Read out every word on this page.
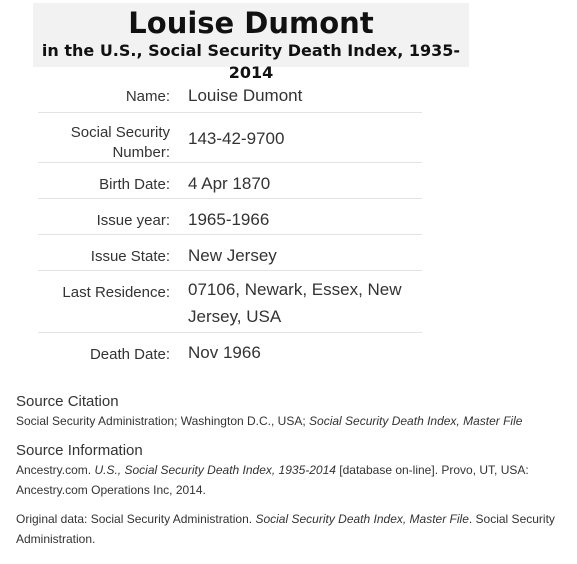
Louise Dumont
in the U.S., Social Security Death Index, 1935-2014
Name:	Louise Dumont
Social Security Number:
143-42-9700
Birth Date:	4 Apr 1870
Issue year:	1965-1966
Issue State:	New Jersey
Last Residence:	07106, Newark, Essex, New Jersey, USA
Death Date:	Nov 1966
Source Citation
Social Security Administration; Washington D.C., USA; Social Security Death Index, Master File
Source Information
Ancestry.com. U.S., Social Security Death Index, 1935-2014 [database on-line]. Provo, UT, USA: Ancestry.com Operations Inc, 2014.
Original data: Social Security Administration. Social Security Death Index, Master File. Social Security Administration.
